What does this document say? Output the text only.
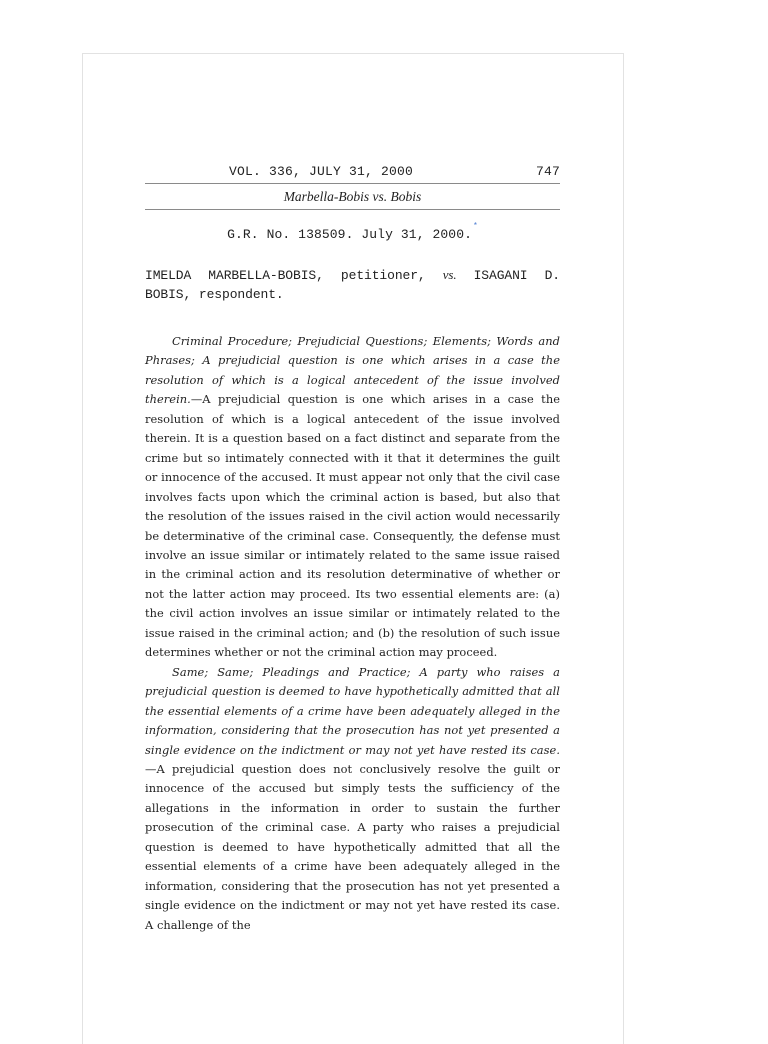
VOL. 336, JULY 31, 2000	747
Marbella-Bobis vs. Bobis
G.R. No. 138509. July 31, 2000.*
IMELDA MARBELLA-BOBIS, petitioner, vs. ISAGANI D. BOBIS, respondent.

Criminal Procedure; Prejudicial Questions; Elements; Words and Phrases; A prejudicial question is one which arises in a case the resolution of which is a logical antecedent of the issue involved therein.—A prejudicial question is one which arises in a case the resolution of which is a logical antecedent of the issue involved therein. It is a question based on a fact distinct and separate from the crime but so intimately connected with it that it determines the guilt or innocence of the accused. It must appear not only that the civil case involves facts upon which the criminal action is based, but also that the resolution of the issues raised in the civil action would necessarily be determinative of the criminal case. Consequently, the defense must involve an issue similar or intimately related to the same issue raised in the criminal action and its resolution determinative of whether or not the latter action may proceed. Its two essential elements are: (a) the civil action involves an issue similar or intimately related to the issue raised in the criminal action; and (b) the resolution of such issue determines whether or not the criminal action may proceed.

Same; Same; Pleadings and Practice; A party who raises a prejudicial question is deemed to have hypothetically admitted that all the essential elements of a crime have been adequately alleged in the information, considering that the prosecution has not yet presented a single evidence on the indictment or may not yet have rested its case.—A prejudicial question does not conclusively resolve the guilt or innocence of the accused but simply tests the sufficiency of the allegations in the information in order to sustain the further prosecution of the criminal case. A party who raises a prejudicial question is deemed to have hypothetically admitted that all the essential elements of a crime have been adequately alleged in the information, considering that the prosecution has not yet presented a single evidence on the indictment or may not yet have rested its case. A challenge of the
